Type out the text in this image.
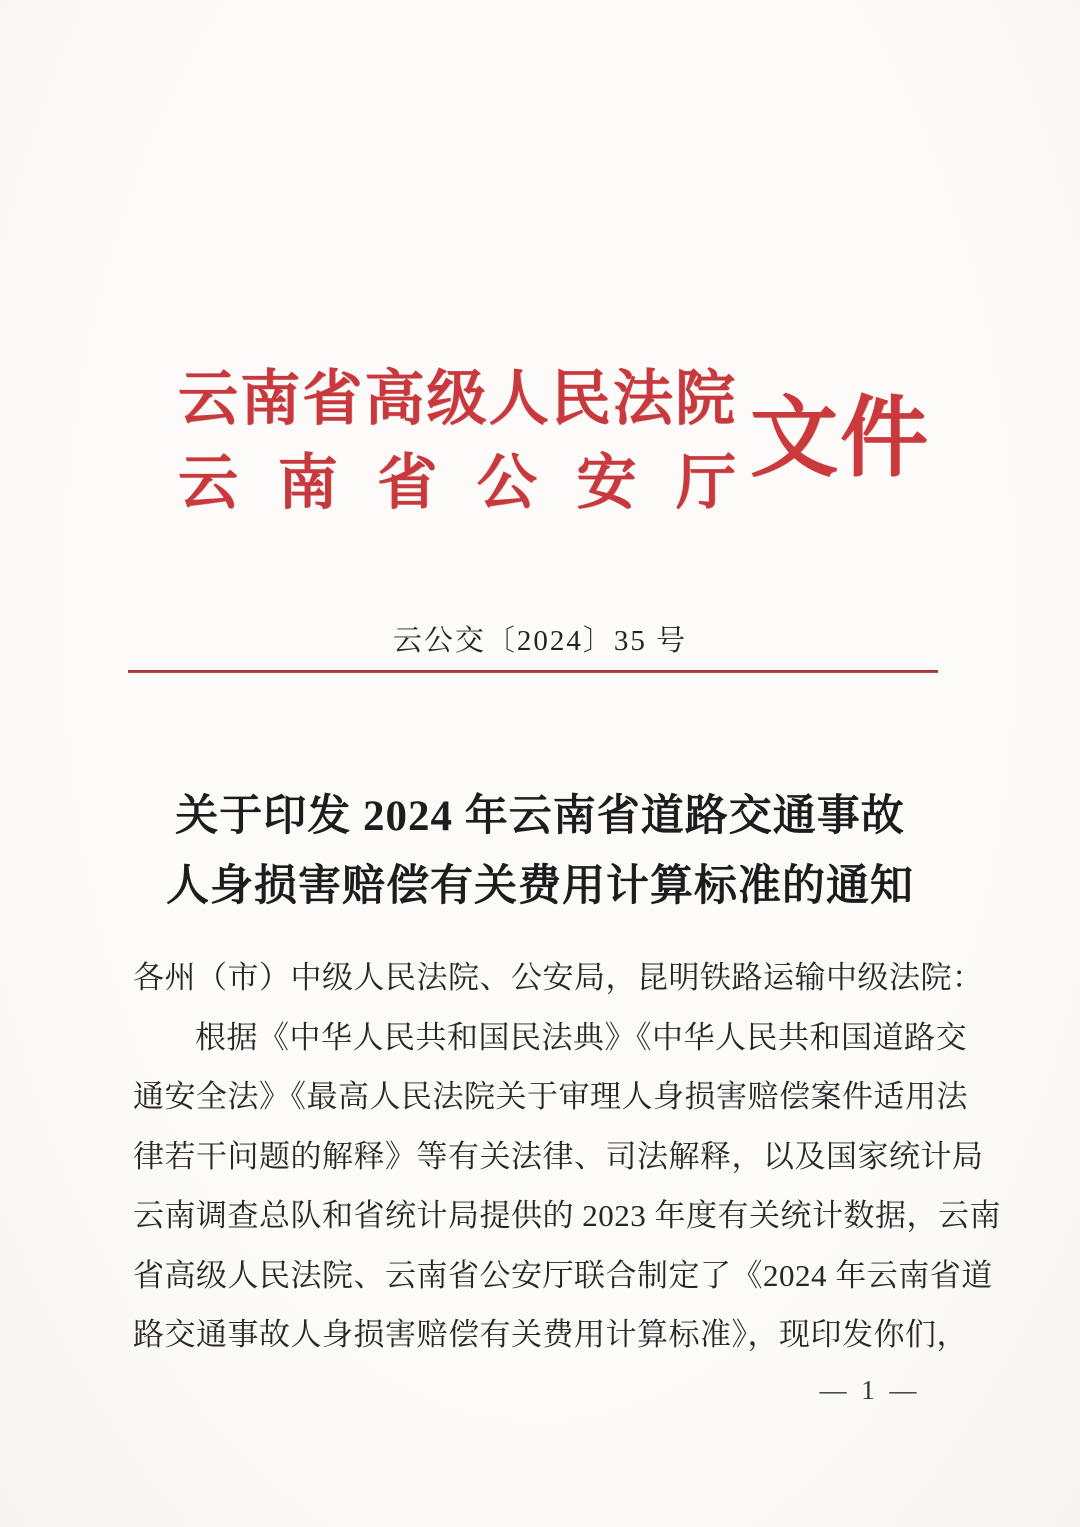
云南省高级人民法院
云南省公安厅 文件
云公交〔2024〕35 号
关于印发 2024 年云南省道路交通事故
人身损害赔偿有关费用计算标准的通知
各州（市）中级人民法院、公安局，昆明铁路运输中级法院：
根据《中华人民共和国民法典》《中华人民共和国道路交
通安全法》《最高人民法院关于审理人身损害赔偿案件适用法
律若干问题的解释》等有关法律、司法解释，以及国家统计局
云南调查总队和省统计局提供的 2023 年度有关统计数据，云南
省高级人民法院、云南省公安厅联合制定了《2024 年云南省道
路交通事故人身损害赔偿有关费用计算标准》，现印发你们，
— 1 —
